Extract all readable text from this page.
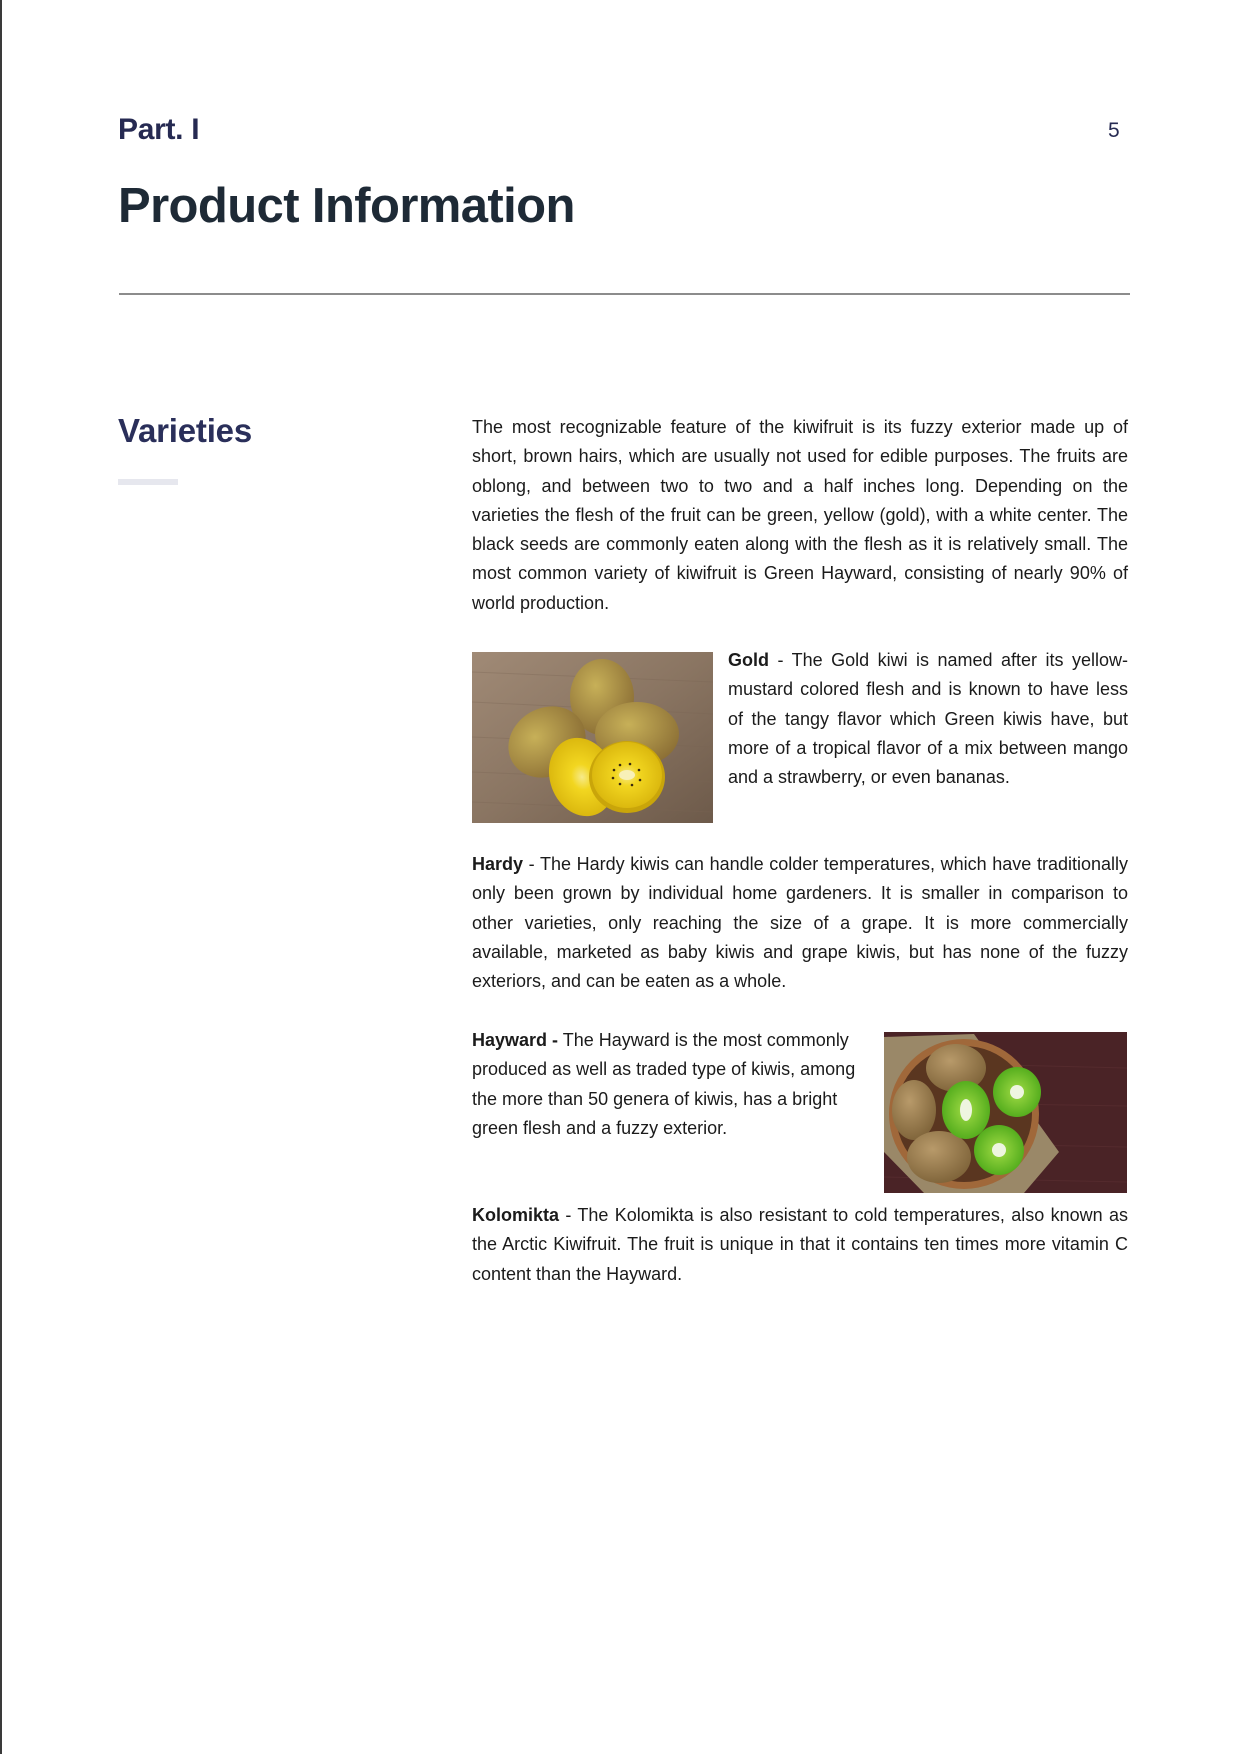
Part. I	5
Product Information
Varieties	The most recognizable feature of the kiwifruit is its fuzzy exterior made up of short, brown hairs, which are usually not used for edible purposes. The fruits are oblong, and between two to two and a half inches long. Depending on the varieties the flesh of the fruit can be green, yellow (gold), with a white center. The black seeds are commonly eaten along with the flesh as it is relatively small. The most common variety of kiwifruit is Green Hayward, consisting of nearly 90% of world production.

Gold - The Gold kiwi is named after its yellow-mustard colored flesh and is known to have less of the tangy flavor which Green kiwis have, but more of a tropical flavor of a mix between mango and a strawberry, or even bananas.

Hardy - The Hardy kiwis can handle colder temperatures, which have traditionally only been grown by individual home gardeners. It is smaller in comparison to other varieties, only reaching the size of a grape. It is more commercially available, marketed as baby kiwis and grape kiwis, but has none of the fuzzy exteriors, and can be eaten as a whole.

Hayward - The Hayward is the most commonly produced as well as traded type of kiwis, among the more than 50 genera of kiwis, has a bright green flesh and a fuzzy exterior.

Kolomikta - The Kolomikta is also resistant to cold temperatures, also known as the Arctic Kiwifruit. The fruit is unique in that it contains ten times more vitamin C content than the Hayward.
